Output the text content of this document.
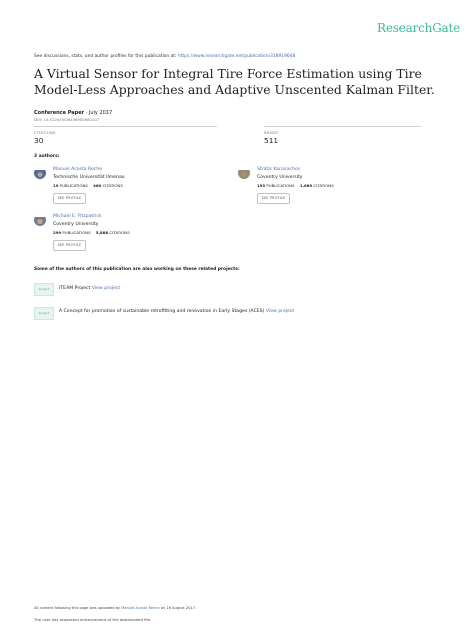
ResearchGate
See discussions, stats, and author profiles for this publication at: https://www.researchgate.net/publication/318919648
A Virtual Sensor for Integral Tire Force Estimation using Tire Model-Less Approaches and Adaptive Unscented Kalman Filter.
Conference Paper · July 2017
DOI: 10.5220/0006436900980107
CITATIONS
30
READS
511
3 authors:
Manuel Acosta Reche
Technische Universität Ilmenau
19 PUBLICATIONS 460 CITATIONS
SEE PROFILE
Stratis Kanarachos
Coventry University
193 PUBLICATIONS 1,669 CITATIONS
SEE PROFILE
Michael E. Fitzpatrick
Coventry University
299 PUBLICATIONS 5,888 CITATIONS
SEE PROFILE
Some of the authors of this publication are also working on these related projects:
Project	ITEAM Project View project
Project	A Concept for promotion of sustainable retrofitting and renovation in Early Stages (ACES) View project
All content following this page was uploaded by Manuel Acosta Reche on 16 August 2017.
The user has requested enhancement of the downloaded file.
